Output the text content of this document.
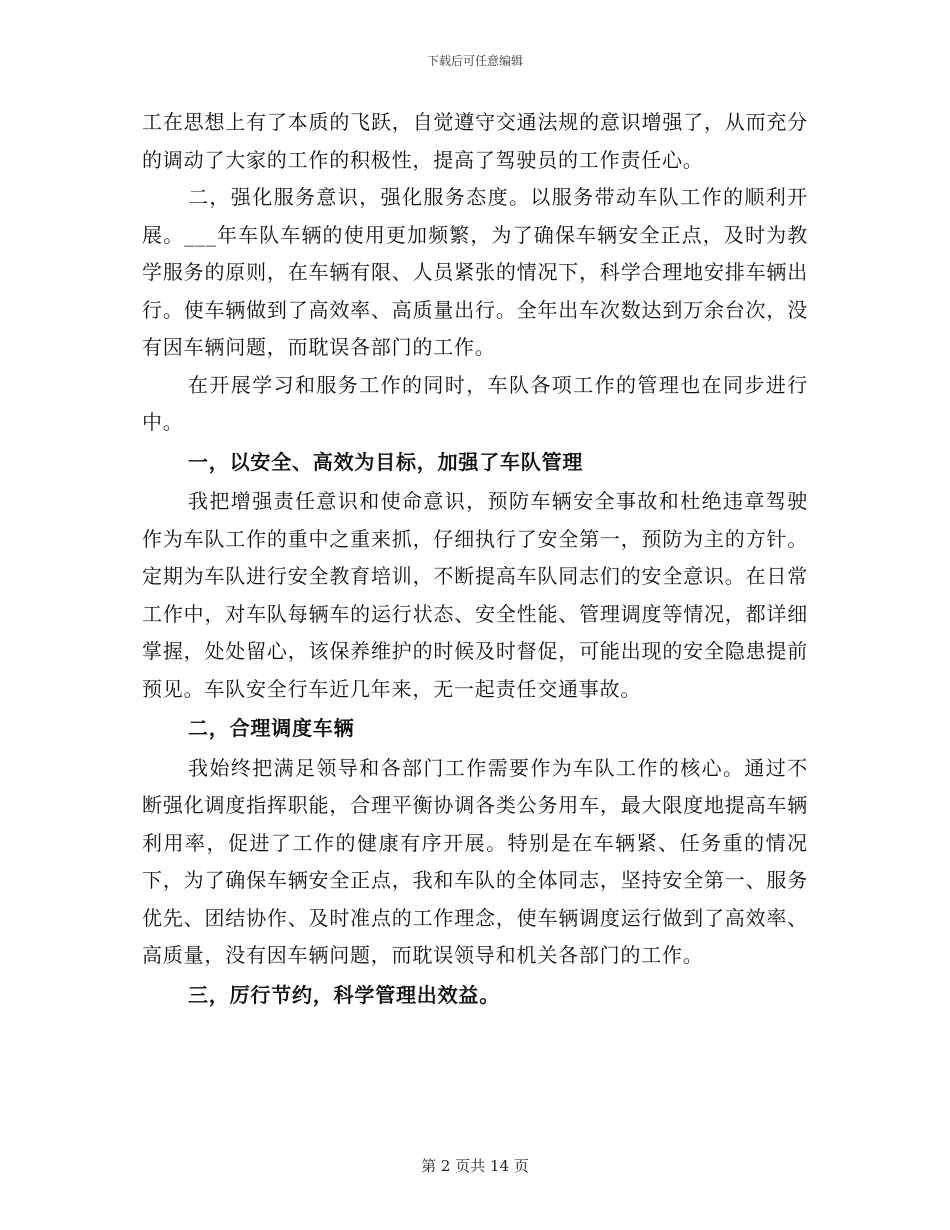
下载后可任意编辑

工在思想上有了本质的飞跃，自觉遵守交通法规的意识增强了，从而充分的调动了大家的工作的积极性，提高了驾驶员的工作责任心。

二，强化服务意识，强化服务态度。以服务带动车队工作的顺利开展。___年车队车辆的使用更加频繁，为了确保车辆安全正点，及时为教学服务的原则，在车辆有限、人员紧张的情况下，科学合理地安排车辆出行。使车辆做到了高效率、高质量出行。全年出车次数达到万余台次，没有因车辆问题，而耽误各部门的工作。

在开展学习和服务工作的同时，车队各项工作的管理也在同步进行中。

一，以安全、高效为目标，加强了车队管理

我把增强责任意识和使命意识，预防车辆安全事故和杜绝违章驾驶作为车队工作的重中之重来抓，仔细执行了安全第一，预防为主的方针。定期为车队进行安全教育培训，不断提高车队同志们的安全意识。在日常工作中，对车队每辆车的运行状态、安全性能、管理调度等情况，都详细掌握，处处留心，该保养维护的时候及时督促，可能出现的安全隐患提前预见。车队安全行车近几年来，无一起责任交通事故。

二，合理调度车辆

我始终把满足领导和各部门工作需要作为车队工作的核心。通过不断强化调度指挥职能，合理平衡协调各类公务用车，最大限度地提高车辆利用率，促进了工作的健康有序开展。特别是在车辆紧、任务重的情况下，为了确保车辆安全正点，我和车队的全体同志，坚持安全第一、服务优先、团结协作、及时准点的工作理念，使车辆调度运行做到了高效率、高质量，没有因车辆问题，而耽误领导和机关各部门的工作。

三，厉行节约，科学管理出效益。

第 2 页共 14 页
